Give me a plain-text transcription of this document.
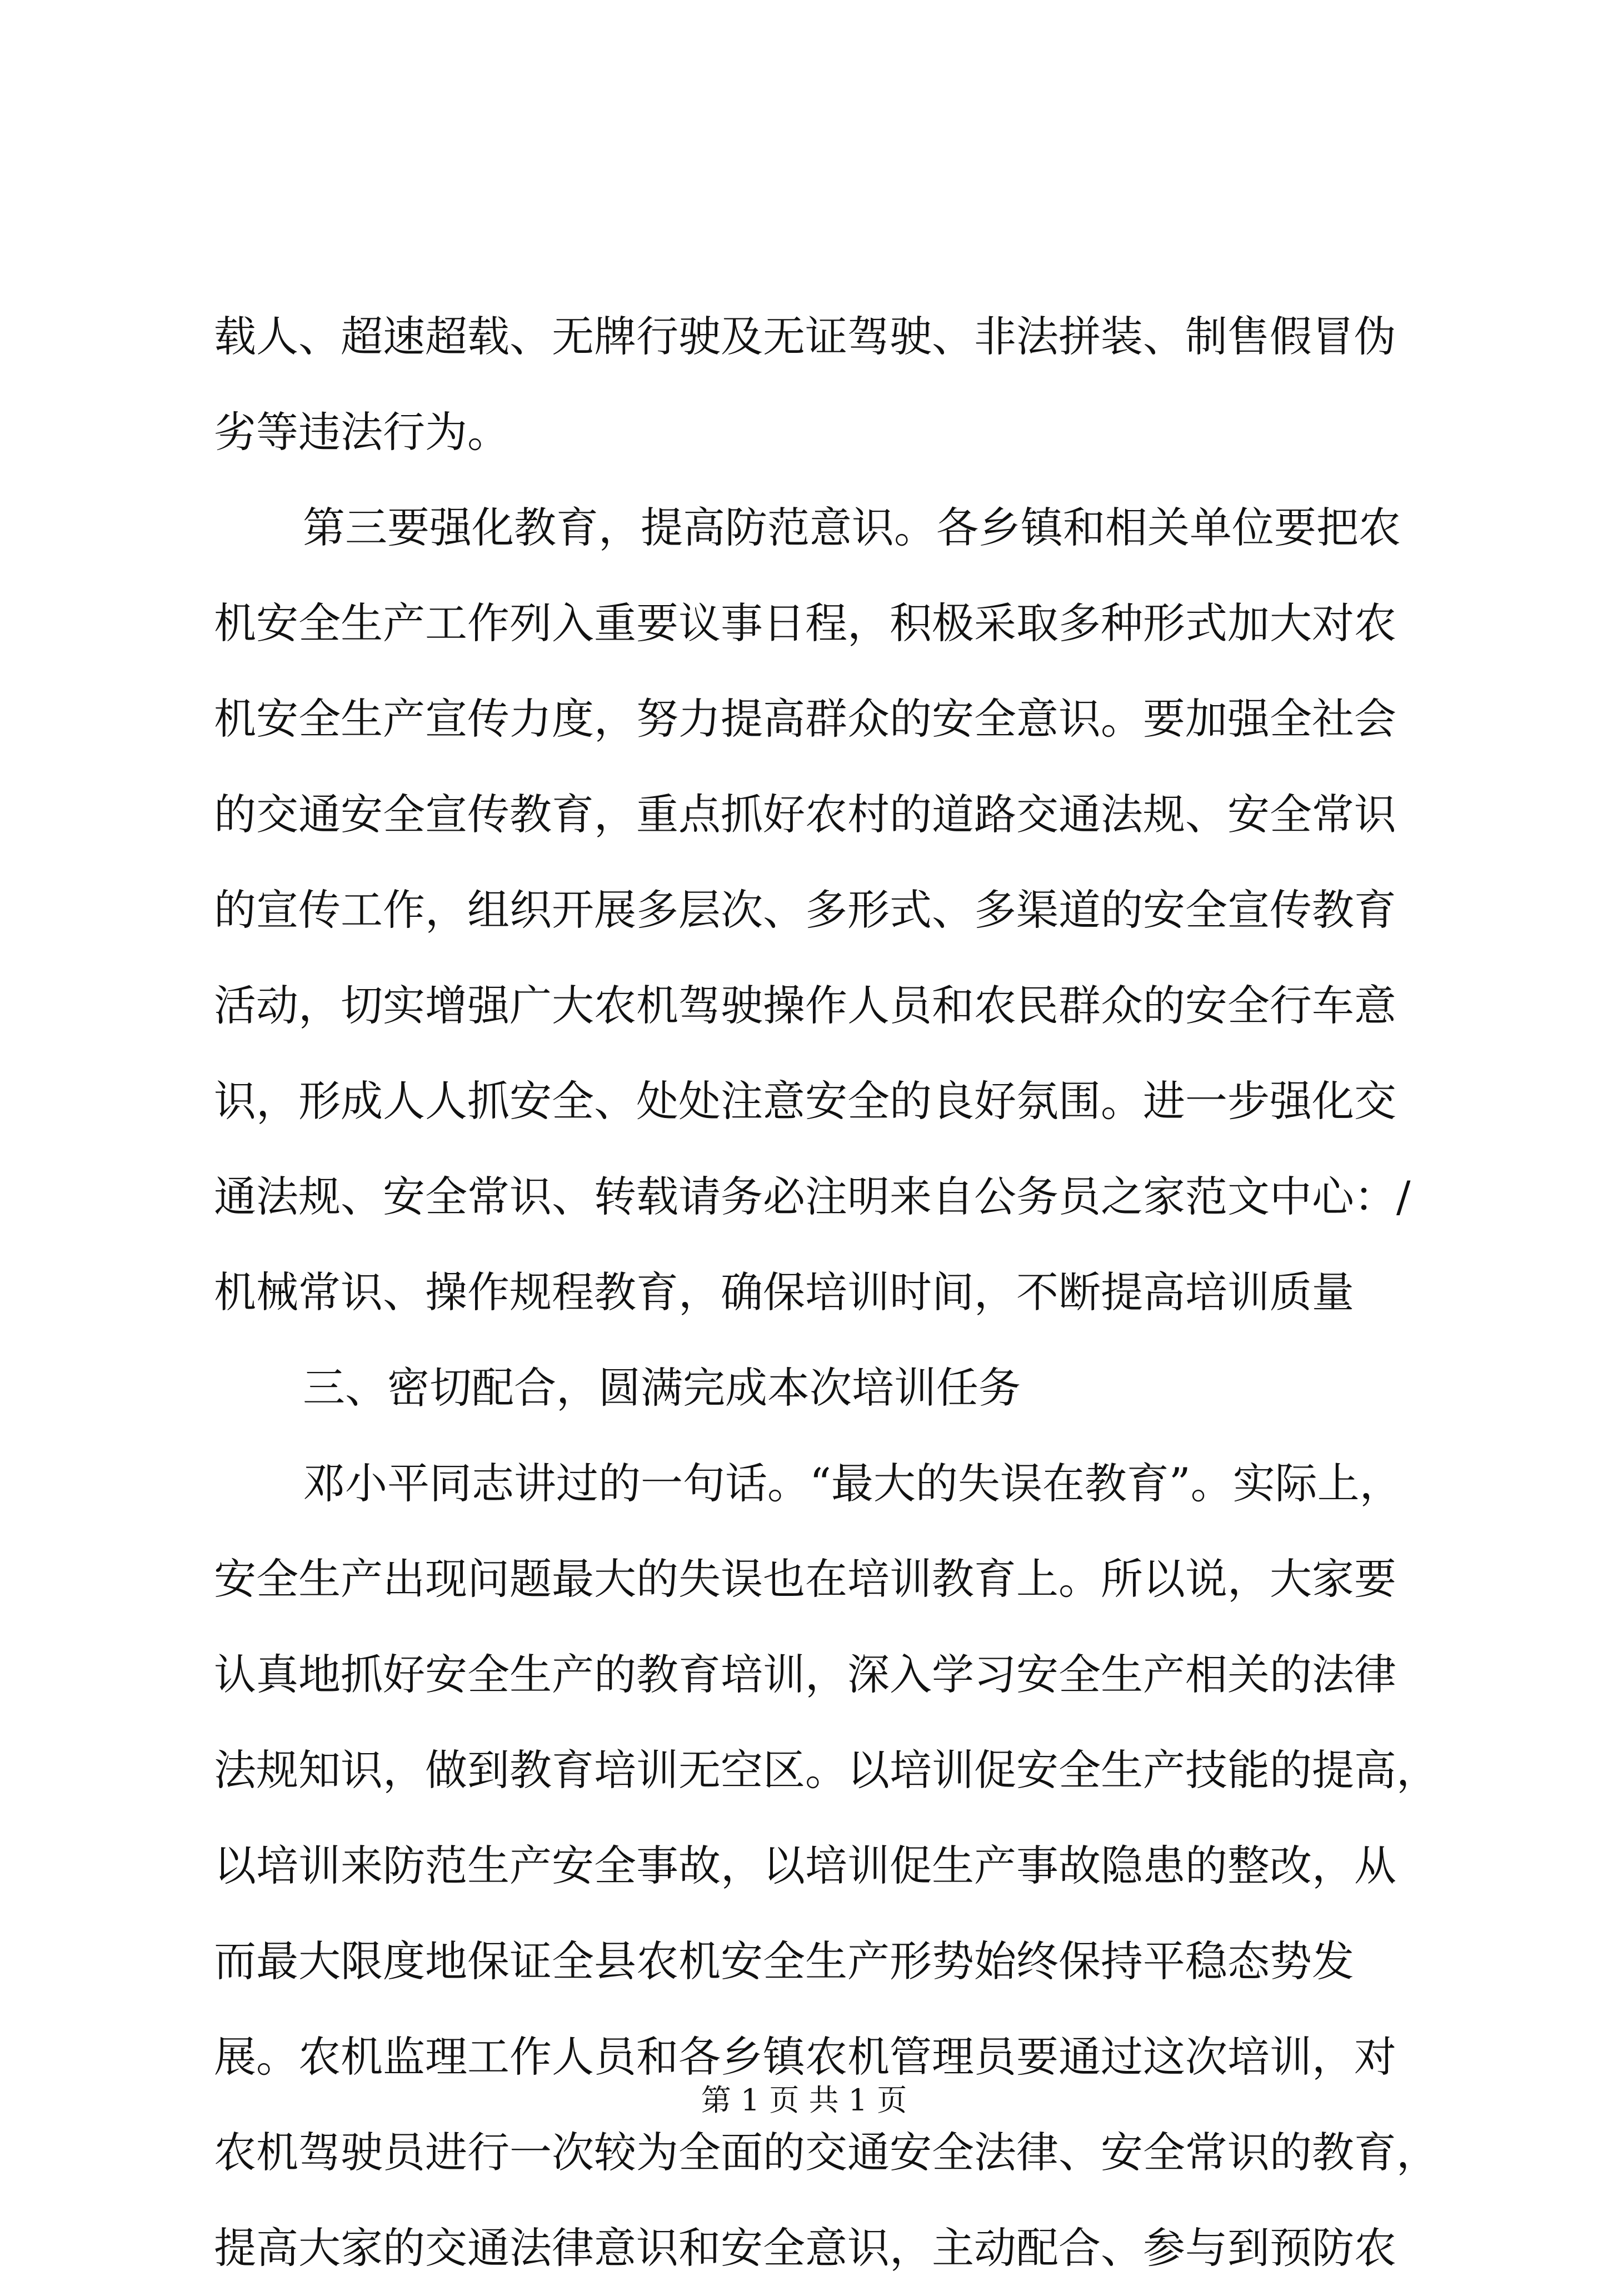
载人、超速超载、无牌行驶及无证驾驶、非法拼装、制售假冒伪
劣等违法行为。
第三要强化教育，提高防范意识。各乡镇和相关单位要把农
机安全生产工作列入重要议事日程，积极采取多种形式加大对农
机安全生产宣传力度，努力提高群众的安全意识。要加强全社会
的交通安全宣传教育，重点抓好农村的道路交通法规、安全常识
的宣传工作，组织开展多层次、多形式、多渠道的安全宣传教育
活动，切实增强广大农机驾驶操作人员和农民群众的安全行车意
识，形成人人抓安全、处处注意安全的良好氛围。进一步强化交
通法规、安全常识、转载请务必注明来自公务员之家范文中心：/
机械常识、操作规程教育，确保培训时间，不断提高培训质量
三、密切配合，圆满完成本次培训任务
邓小平同志讲过的一句话。“最大的失误在教育”。实际上，
安全生产出现问题最大的失误也在培训教育上。所以说，大家要
认真地抓好安全生产的教育培训，深入学习安全生产相关的法律
法规知识，做到教育培训无空区。以培训促安全生产技能的提高，
以培训来防范生产安全事故，以培训促生产事故隐患的整改，从
而最大限度地保证全县农机安全生产形势始终保持平稳态势发
展。农机监理工作人员和各乡镇农机管理员要通过这次培训，对
农机驾驶员进行一次较为全面的交通安全法律、安全常识的教育，
提高大家的交通法律意识和安全意识，主动配合、参与到预防农
第 1 页 共 1 页
